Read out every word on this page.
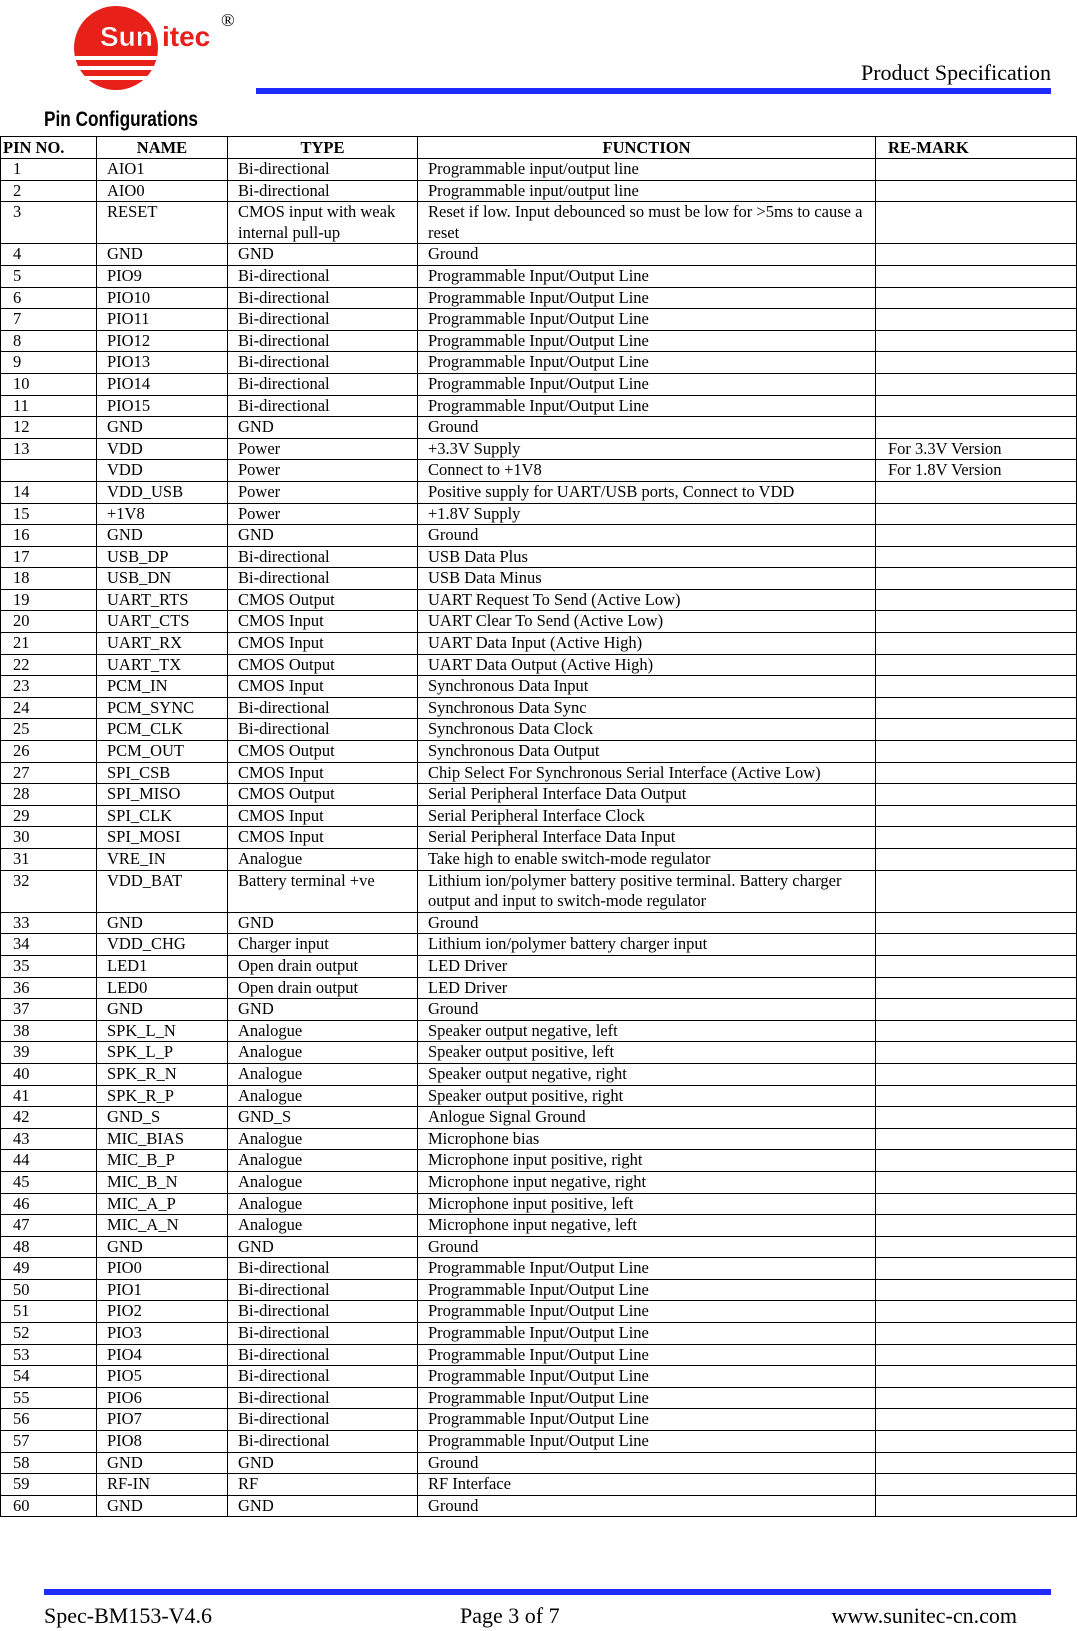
Sun itec
®
Product Specification
Pin Configurations
PIN NO.	NAME	TYPE	FUNCTION	RE-MARK
1	AIO1	Bi-directional	Programmable input/output line	
2	AIO0	Bi-directional	Programmable input/output line	
3	RESET	CMOS input with weak internal pull-up	Reset if low. Input debounced so must be low for >5ms to cause a reset	
4	GND	GND	Ground	
5	PIO9	Bi-directional	Programmable Input/Output Line	
6	PIO10	Bi-directional	Programmable Input/Output Line	
7	PIO11	Bi-directional	Programmable Input/Output Line	
8	PIO12	Bi-directional	Programmable Input/Output Line	
9	PIO13	Bi-directional	Programmable Input/Output Line	
10	PIO14	Bi-directional	Programmable Input/Output Line	
11	PIO15	Bi-directional	Programmable Input/Output Line	
12	GND	GND	Ground	
13	VDD	Power	+3.3V Supply	For 3.3V Version
	VDD	Power	Connect to +1V8	For 1.8V Version
14	VDD_USB	Power	Positive supply for UART/USB ports, Connect to VDD	
15	+1V8	Power	+1.8V Supply	
16	GND	GND	Ground	
17	USB_DP	Bi-directional	USB Data Plus	
18	USB_DN	Bi-directional	USB Data Minus	
19	UART_RTS	CMOS Output	UART Request To Send (Active Low)	
20	UART_CTS	CMOS Input	UART Clear To Send (Active Low)	
21	UART_RX	CMOS Input	UART Data Input (Active High)	
22	UART_TX	CMOS Output	UART Data Output (Active High)	
23	PCM_IN	CMOS Input	Synchronous Data Input	
24	PCM_SYNC	Bi-directional	Synchronous Data Sync	
25	PCM_CLK	Bi-directional	Synchronous Data Clock	
26	PCM_OUT	CMOS Output	Synchronous Data Output	
27	SPI_CSB	CMOS Input	Chip Select For Synchronous Serial Interface (Active Low)	
28	SPI_MISO	CMOS Output	Serial Peripheral Interface Data Output	
29	SPI_CLK	CMOS Input	Serial Peripheral Interface Clock	
30	SPI_MOSI	CMOS Input	Serial Peripheral Interface Data Input	
31	VRE_IN	Analogue	Take high to enable switch-mode regulator	
32	VDD_BAT	Battery terminal +ve	Lithium ion/polymer battery positive terminal. Battery charger output and input to switch-mode regulator	
33	GND	GND	Ground	
34	VDD_CHG	Charger input	Lithium ion/polymer battery charger input	
35	LED1	Open drain output	LED Driver	
36	LED0	Open drain output	LED Driver	
37	GND	GND	Ground	
38	SPK_L_N	Analogue	Speaker output negative, left	
39	SPK_L_P	Analogue	Speaker output positive, left	
40	SPK_R_N	Analogue	Speaker output negative, right	
41	SPK_R_P	Analogue	Speaker output positive, right	
42	GND_S	GND_S	Anlogue Signal Ground	
43	MIC_BIAS	Analogue	Microphone bias	
44	MIC_B_P	Analogue	Microphone input positive, right	
45	MIC_B_N	Analogue	Microphone input negative, right	
46	MIC_A_P	Analogue	Microphone input positive, left	
47	MIC_A_N	Analogue	Microphone input negative, left	
48	GND	GND	Ground	
49	PIO0	Bi-directional	Programmable Input/Output Line	
50	PIO1	Bi-directional	Programmable Input/Output Line	
51	PIO2	Bi-directional	Programmable Input/Output Line	
52	PIO3	Bi-directional	Programmable Input/Output Line	
53	PIO4	Bi-directional	Programmable Input/Output Line	
54	PIO5	Bi-directional	Programmable Input/Output Line	
55	PIO6	Bi-directional	Programmable Input/Output Line	
56	PIO7	Bi-directional	Programmable Input/Output Line	
57	PIO8	Bi-directional	Programmable Input/Output Line	
58	GND	GND	Ground	
59	RF-IN	RF	RF Interface	
60	GND	GND	Ground	
Spec-BM153-V4.6	Page 3 of 7	www.sunitec-cn.com
